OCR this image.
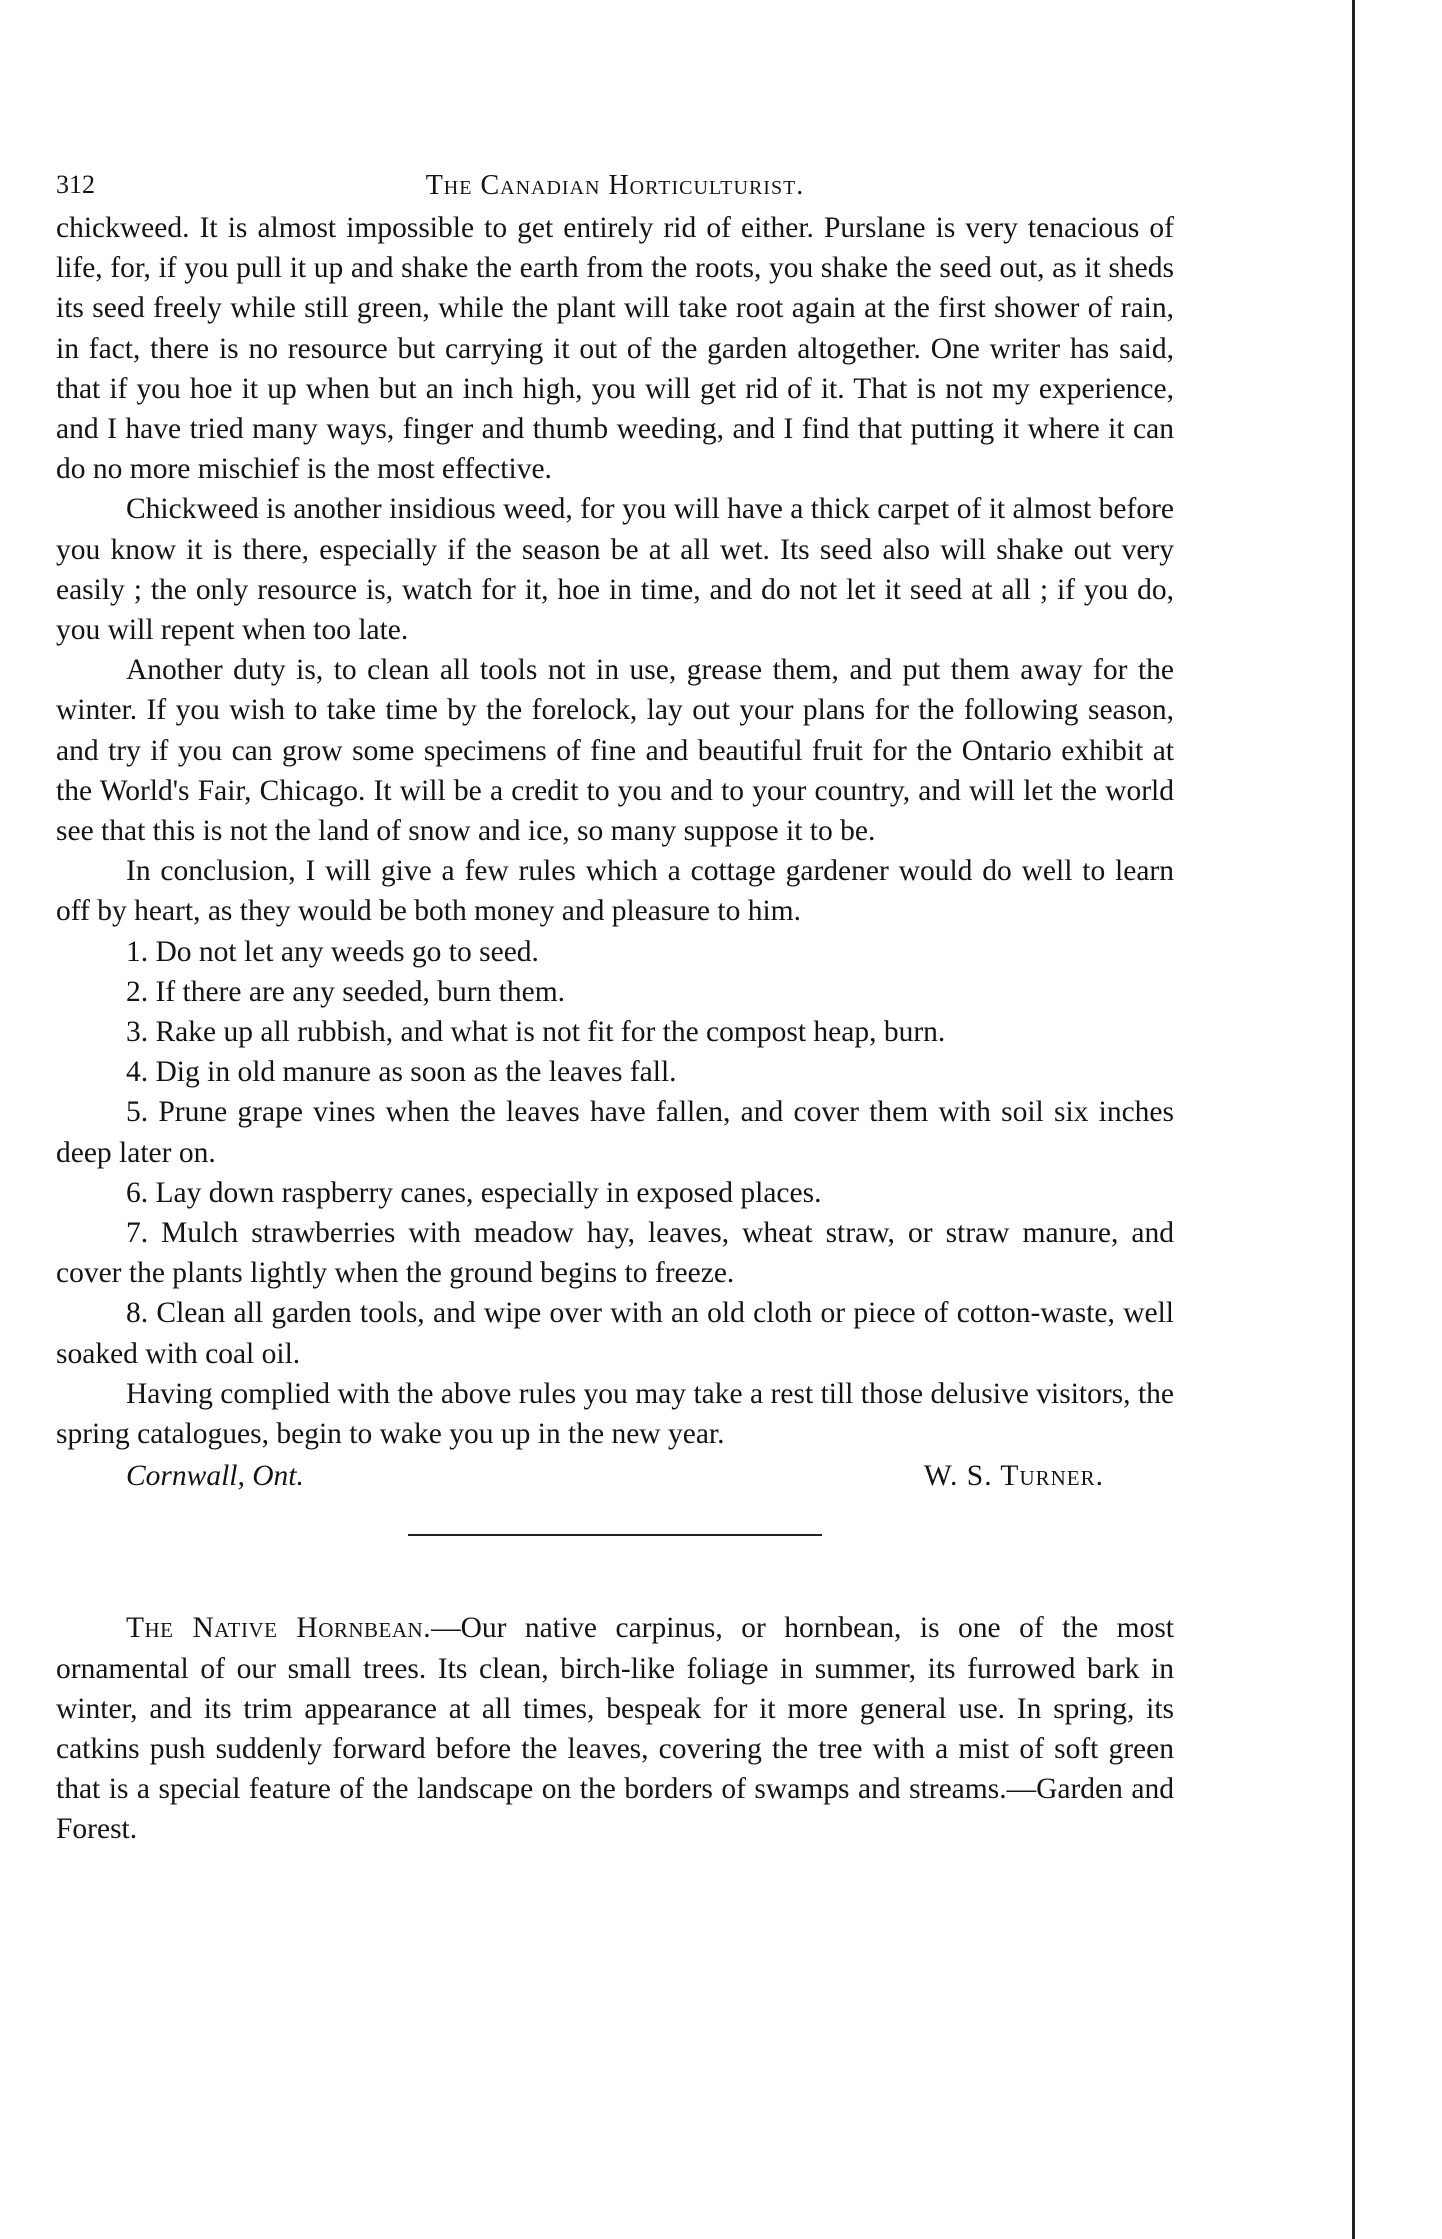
312	The Canadian Horticulturist.

chickweed. It is almost impossible to get entirely rid of either. Purslane is very tenacious of life, for, if you pull it up and shake the earth from the roots, you shake the seed out, as it sheds its seed freely while still green, while the plant will take root again at the first shower of rain, in fact, there is no resource but carrying it out of the garden altogether. One writer has said, that if you hoe it up when but an inch high, you will get rid of it. That is not my experience, and I have tried many ways, finger and thumb weeding, and I find that putting it where it can do no more mischief is the most effective.

Chickweed is another insidious weed, for you will have a thick carpet of it almost before you know it is there, especially if the season be at all wet. Its seed also will shake out very easily ; the only resource is, watch for it, hoe in time, and do not let it seed at all ; if you do, you will repent when too late.

Another duty is, to clean all tools not in use, grease them, and put them away for the winter. If you wish to take time by the forelock, lay out your plans for the following season, and try if you can grow some specimens of fine and beautiful fruit for the Ontario exhibit at the World's Fair, Chicago. It will be a credit to you and to your country, and will let the world see that this is not the land of snow and ice, so many suppose it to be.

In conclusion, I will give a few rules which a cottage gardener would do well to learn off by heart, as they would be both money and pleasure to him.

1. Do not let any weeds go to seed.

2. If there are any seeded, burn them.

3. Rake up all rubbish, and what is not fit for the compost heap, burn.

4. Dig in old manure as soon as the leaves fall.

5. Prune grape vines when the leaves have fallen, and cover them with soil six inches deep later on.

6. Lay down raspberry canes, especially in exposed places.

7. Mulch strawberries with meadow hay, leaves, wheat straw, or straw manure, and cover the plants lightly when the ground begins to freeze.

8. Clean all garden tools, and wipe over with an old cloth or piece of cotton-waste, well soaked with coal oil.

Having complied with the above rules you may take a rest till those delusive visitors, the spring catalogues, begin to wake you up in the new year.

Cornwall, Ont.	W. S. Turner.

The Native Hornbean.—Our native carpinus, or hornbean, is one of the most ornamental of our small trees. Its clean, birch-like foliage in summer, its furrowed bark in winter, and its trim appearance at all times, bespeak for it more general use. In spring, its catkins push suddenly forward before the leaves, covering the tree with a mist of soft green that is a special feature of the landscape on the borders of swamps and streams.—Garden and Forest.
